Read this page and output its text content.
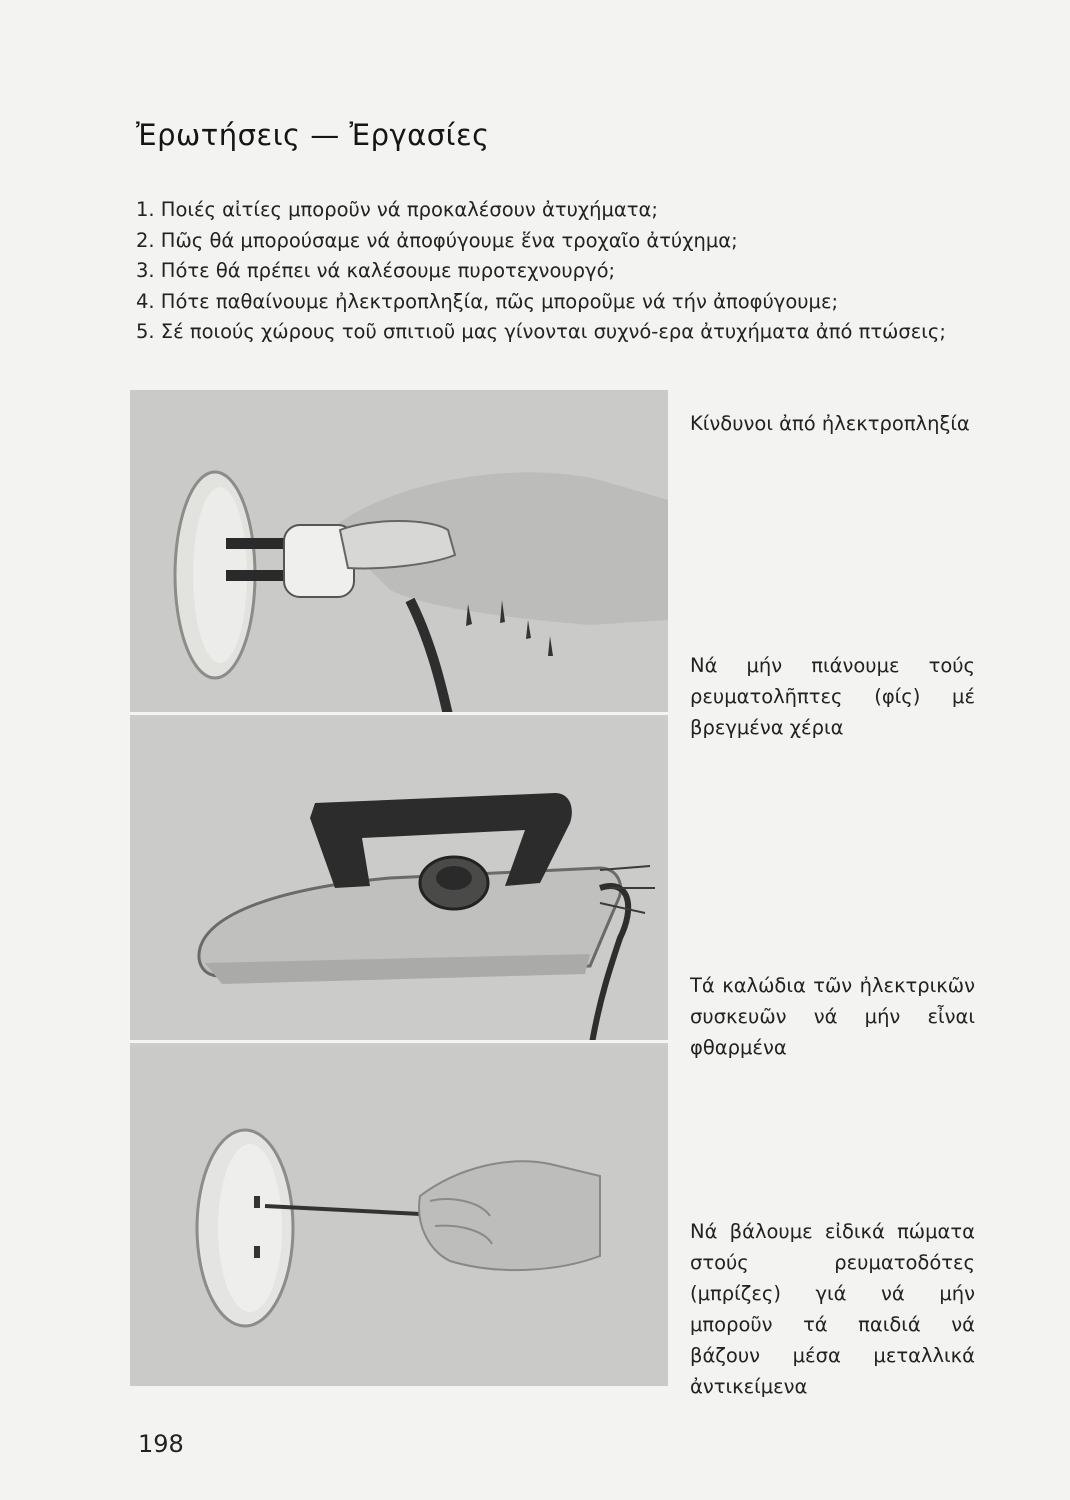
Ἐρωτήσεις — Ἐργασίες
1. Ποιές αἰτίες μποροῦν νά προκαλέσουν ἀτυχήματα;
2. Πῶς θά μπορούσαμε νά ἀποφύγουμε ἕνα τροχαῖο ἀτύχημα;
3. Πότε θά πρέπει νά καλέσουμε πυροτεχνουργό;
4. Πότε παθαίνουμε ἠλεκτροπληξία, πῶς μποροῦμε νά τήν ἀποφύγουμε;
5. Σέ ποιούς χώρους τοῦ σπιτιοῦ μας γίνονται συχνό-ερα ἀτυχήματα ἀπό πτώσεις;
Κίνδυνοι ἀπό ἠλεκτροπληξία
Νά μήν πιάνουμε τούς ρευματολῆπτες (φίς) μέ βρεγμένα χέρια
Τά καλώδια τῶν ἠλεκτρικῶν συσκευῶν νά μήν εἶναι φθαρμένα
Νά βάλουμε εἰδικά πώματα στούς ρευματοδότες (μπρίζες) γιά νά μήν μποροῦν τά παιδιά νά βάζουν μέσα μεταλλικά ἀντικείμενα
198
